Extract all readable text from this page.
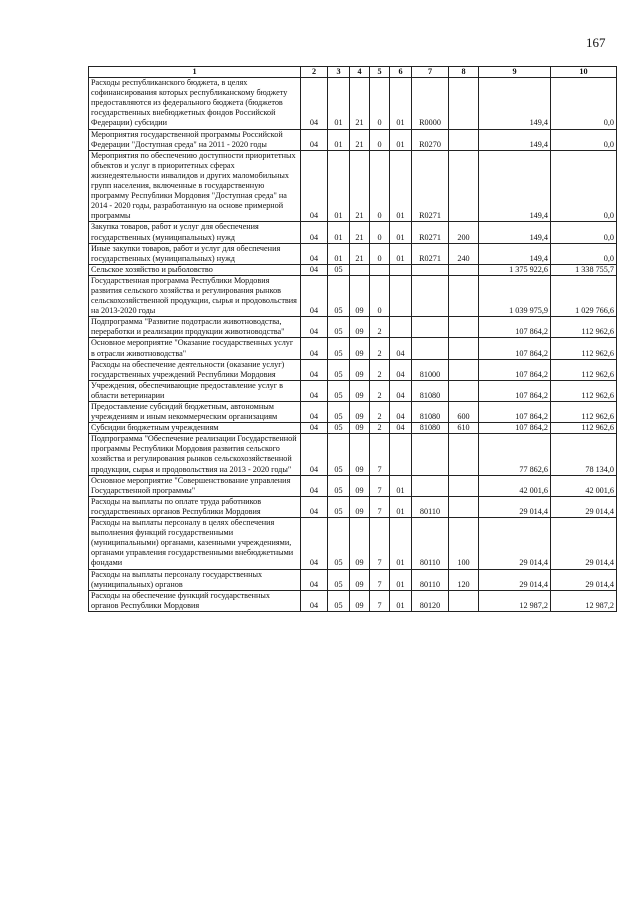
167
1	2	3	4	5	6	7	8	9	10
Расходы республиканского бюджета, в целях софинансирования которых республиканскому бюджету предоставляются из федерального бюджета (бюджетов государственных внебюджетных фондов Российской Федерации) субсидии	04	01	21	0	01	R0000		149,4	0,0
Мероприятия государственной программы Российской Федерации "Доступная среда" на 2011 - 2020 годы	04	01	21	0	01	R0270		149,4	0,0
Мероприятия по обеспечению доступности приоритетных объектов и услуг в приоритетных сферах жизнедеятельности инвалидов и других маломобильных групп населения, включенные в государственную программу Республики Мордовия "Доступная среда" на 2014 - 2020 годы, разработанную на основе примерной программы	04	01	21	0	01	R0271		149,4	0,0
Закупка товаров, работ и услуг для обеспечения государственных (муниципальных) нужд	04	01	21	0	01	R0271	200	149,4	0,0
Иные закупки товаров, работ и услуг для обеспечения государственных (муниципальных) нужд	04	01	21	0	01	R0271	240	149,4	0,0
Сельское хозяйство и рыболовство	04	05						1 375 922,6	1 338 755,7
Государственная программа Республики Мордовия развития сельского хозяйства и регулирования рынков сельскохозяйственной продукции, сырья и продовольствия на 2013-2020 годы	04	05	09	0				1 039 975,9	1 029 766,6
Подпрограмма "Развитие подотрасли животноводства, переработки и реализации продукции животноводства"	04	05	09	2				107 864,2	112 962,6
Основное мероприятие "Оказание государственных услуг в отрасли животноводства"	04	05	09	2	04			107 864,2	112 962,6
Расходы на обеспечение деятельности (оказание услуг) государственных учреждений Республики Мордовия	04	05	09	2	04	81000		107 864,2	112 962,6
Учреждения, обеспечивающие предоставление услуг в области ветеринарии	04	05	09	2	04	81080		107 864,2	112 962,6
Предоставление субсидий бюджетным, автономным учреждениям и иным некоммерческим организациям	04	05	09	2	04	81080	600	107 864,2	112 962,6
Субсидии бюджетным учреждениям	04	05	09	2	04	81080	610	107 864,2	112 962,6
Подпрограмма "Обеспечение реализации Государственной программы Республики Мордовия развития сельского хозяйства и регулирования рынков сельскохозяйственной продукции, сырья и продовольствия на 2013 - 2020 годы"	04	05	09	7				77 862,6	78 134,0
Основное мероприятие "Совершенствование управления Государственной программы"	04	05	09	7	01			42 001,6	42 001,6
Расходы на выплаты по оплате труда работников государственных органов Республики Мордовия	04	05	09	7	01	80110		29 014,4	29 014,4
Расходы на выплаты персоналу в целях обеспечения выполнения функций государственными (муниципальными) органами, казенными учреждениями, органами управления государственными внебюджетными фондами	04	05	09	7	01	80110	100	29 014,4	29 014,4
Расходы на выплаты персоналу государственных (муниципальных) органов	04	05	09	7	01	80110	120	29 014,4	29 014,4
Расходы на обеспечение функций государственных органов Республики Мордовия	04	05	09	7	01	80120		12 987,2	12 987,2
